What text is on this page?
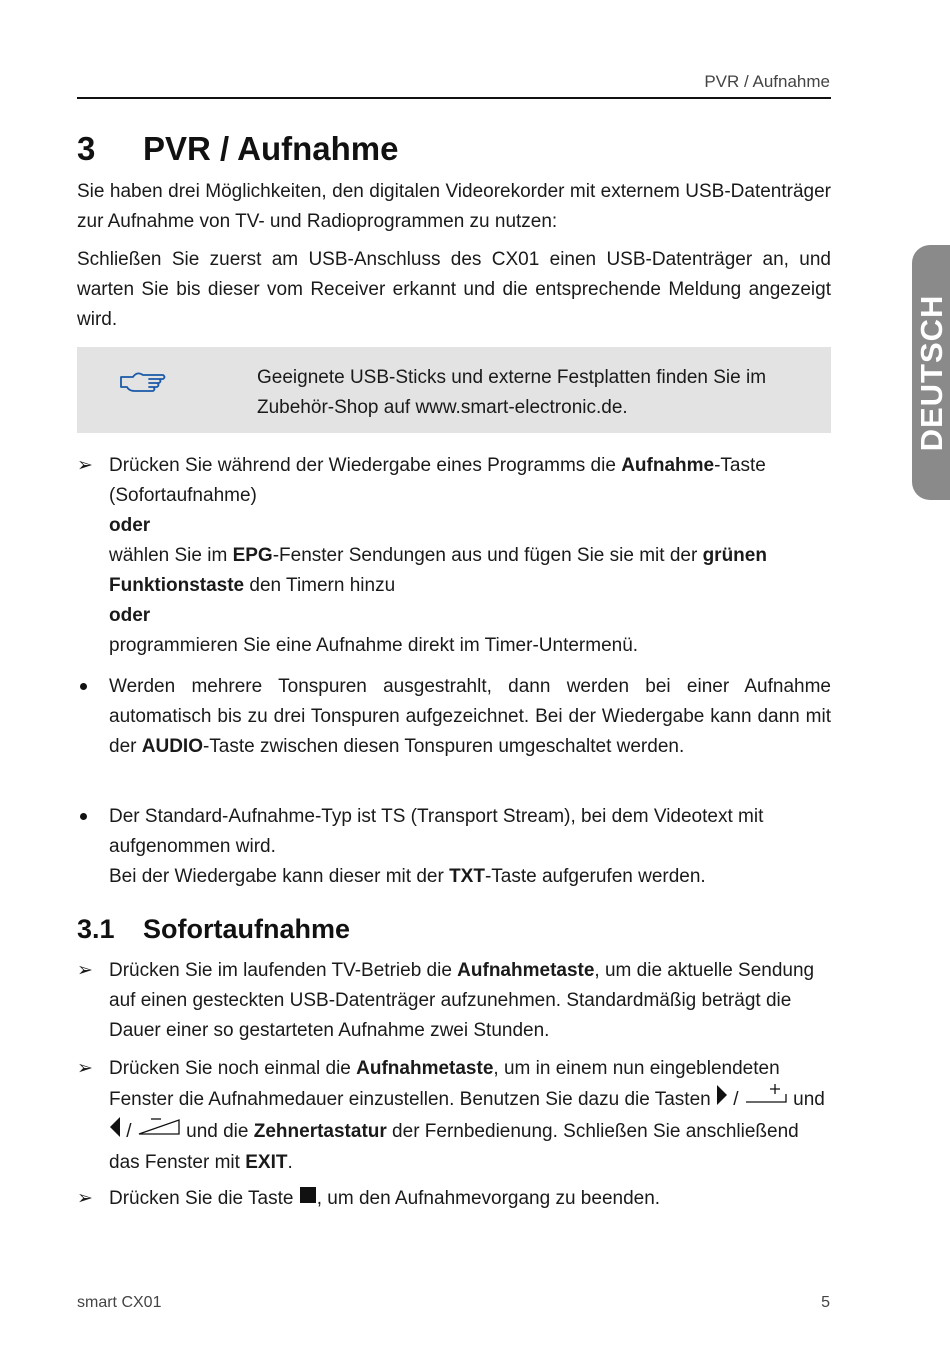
PVR / Aufnahme
DEUTSCH
3 PVR / Aufnahme
Sie haben drei Möglichkeiten, den digitalen Videorekorder mit externem USB-Datenträger zur Aufnahme von TV- und Radioprogrammen zu nutzen:
Schließen Sie zuerst am USB-Anschluss des CX01 einen USB-Datenträger an, und warten Sie bis dieser vom Receiver erkannt und die entsprechende Meldung angezeigt wird.
Geeignete USB-Sticks und externe Festplatten finden Sie im Zubehör-Shop auf www.smart-electronic.de.
➢ Drücken Sie während der Wiedergabe eines Programms die Aufnahme-Taste (Sofortaufnahme)
oder
wählen Sie im EPG-Fenster Sendungen aus und fügen Sie sie mit der grünen Funktionstaste den Timern hinzu
oder
programmieren Sie eine Aufnahme direkt im Timer-Untermenü.
Werden mehrere Tonspuren ausgestrahlt, dann werden bei einer Aufnahme automatisch bis zu drei Tonspuren aufgezeichnet. Bei der Wiedergabe kann dann mit der AUDIO-Taste zwischen diesen Tonspuren umgeschaltet werden.
Der Standard-Aufnahme-Typ ist TS (Transport Stream), bei dem Videotext mit aufgenommen wird.
Bei der Wiedergabe kann dieser mit der TXT-Taste aufgerufen werden.
3.1 Sofortaufnahme
➢ Drücken Sie im laufenden TV-Betrieb die Aufnahmetaste, um die aktuelle Sendung auf einen gesteckten USB-Datenträger aufzunehmen. Standardmäßig beträgt die Dauer einer so gestarteten Aufnahme zwei Stunden.
➢ Drücken Sie noch einmal die Aufnahmetaste, um in einem nun eingeblendeten Fenster die Aufnahmedauer einzustellen. Benutzen Sie dazu die Tasten  /  und  /  und die Zehnertastatur der Fernbedienung. Schließen Sie anschließend das Fenster mit EXIT.
➢ Drücken Sie die Taste , um den Aufnahmevorgang zu beenden.
smart CX01	5
